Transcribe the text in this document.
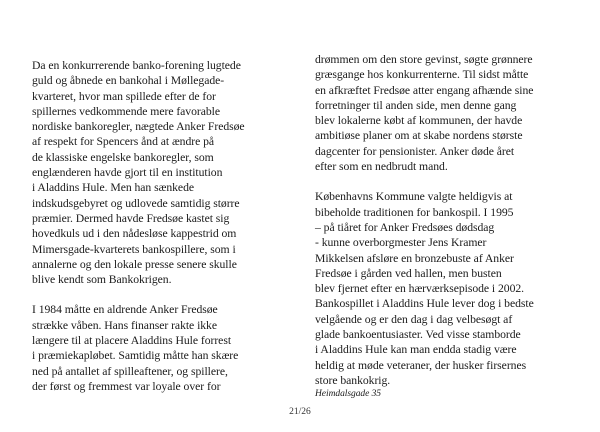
Da en konkurrerende banko-forening lugtede
guld og åbnede en bankohal i Møllegade-
kvarteret, hvor man spillede efter de for
spillernes vedkommende mere favorable
nordiske bankoregler, nægtede Anker Fredsøe
af respekt for Spencers ånd at ændre på
de klassiske engelske bankoregler, som
englænderen havde gjort til en institution
i Aladdins Hule. Men han sænkede
indskudsgebyret og udlovede samtidig større
præmier. Dermed havde Fredsøe kastet sig
hovedkuls ud i den nådesløse kappestrid om
Mimersgade-kvarterets bankospillere, som i
annalerne og den lokale presse senere skulle
blive kendt som Bankokrigen.
I 1984 måtte en aldrende Anker Fredsøe
strække våben. Hans finanser rakte ikke
længere til at placere Aladdins Hule forrest
i præmiekapløbet. Samtidig måtte han skære
ned på antallet af spilleaftener, og spillere,
der først og fremmest var loyale over for
drømmen om den store gevinst, søgte grønnere
græsgange hos konkurrenterne. Til sidst måtte
en afkræftet Fredsøe atter engang afhænde sine
forretninger til anden side, men denne gang
blev lokalerne købt af kommunen, der havde
ambitiøse planer om at skabe nordens største
dagcenter for pensionister. Anker døde året
efter som en nedbrudt mand.
Københavns Kommune valgte heldigvis at
bibeholde traditionen for bankospil. I 1995
– på tiåret for Anker Fredsøes dødsdag
- kunne overborgmester Jens Kramer
Mikkelsen afsløre en bronzebuste af Anker
Fredsøe i gården ved hallen, men busten
blev fjernet efter en hærværksepisode i 2002.
Bankospillet i Aladdins Hule lever dog i bedste
velgående og er den dag i dag velbesøgt af
glade bankoentusiaster. Ved visse stamborde
i Aladdins Hule kan man endda stadig være
heldig at møde veteraner, der husker firsernes
store bankokrig.
Heimdalsgade 35
21/26
